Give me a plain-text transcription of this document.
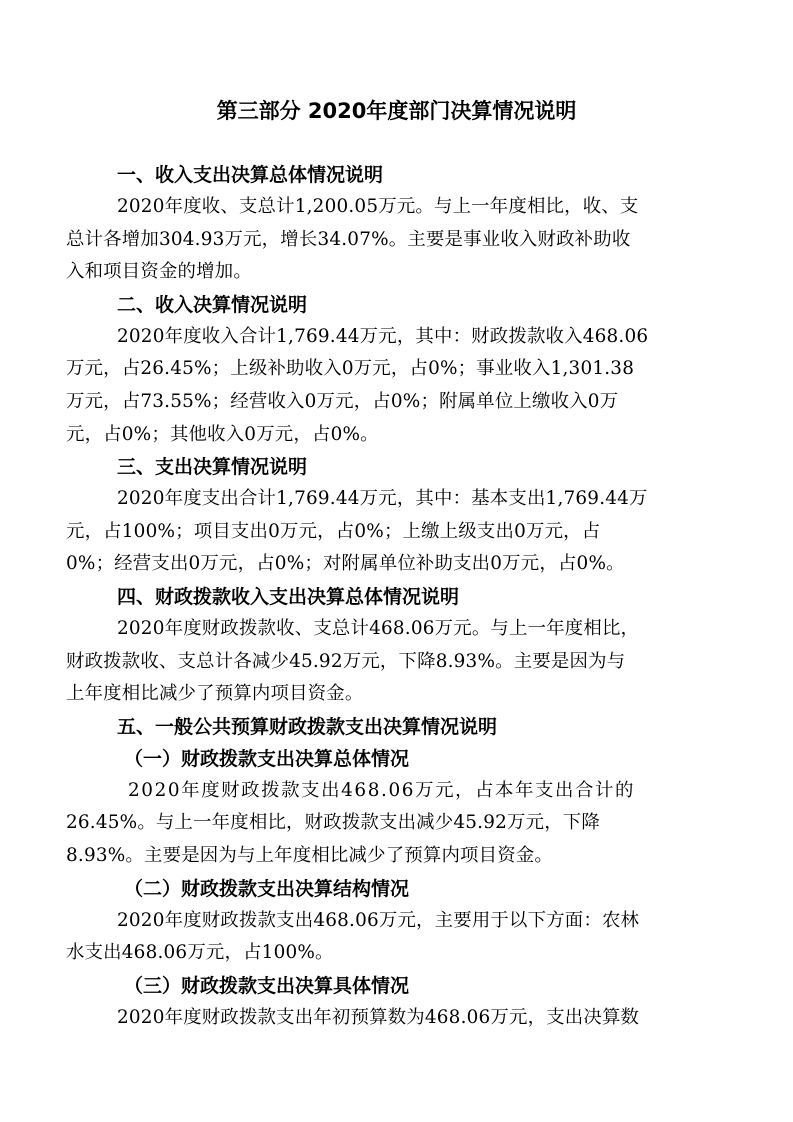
第三部分 2020年度部门决算情况说明
一、收入支出决算总体情况说明
2020年度收、支总计1,200.05万元。与上一年度相比，收、支
总计各增加304.93万元，增长34.07%。主要是事业收入财政补助收
入和项目资金的增加。
二、收入决算情况说明
2020年度收入合计1,769.44万元，其中：财政拨款收入468.06
万元，占26.45%；上级补助收入0万元，占0%；事业收入1,301.38
万元，占73.55%；经营收入0万元，占0%；附属单位上缴收入0万
元，占0%；其他收入0万元，占0%。
三、支出决算情况说明
2020年度支出合计1,769.44万元，其中：基本支出1,769.44万
元，占100%；项目支出0万元，占0%；上缴上级支出0万元，占
0%；经营支出0万元，占0%；对附属单位补助支出0万元，占0%。
四、财政拨款收入支出决算总体情况说明
2020年度财政拨款收、支总计468.06万元。与上一年度相比，
财政拨款收、支总计各减少45.92万元，下降8.93%。主要是因为与
上年度相比减少了预算内项目资金。
五、一般公共预算财政拨款支出决算情况说明
（一）财政拨款支出决算总体情况
2020年度财政拨款支出468.06万元，占本年支出合计的
26.45%。与上一年度相比，财政拨款支出减少45.92万元，下降
8.93%。主要是因为与上年度相比减少了预算内项目资金。
（二）财政拨款支出决算结构情况
2020年度财政拨款支出468.06万元，主要用于以下方面：农林
水支出468.06万元，占100%。
（三）财政拨款支出决算具体情况
2020年度财政拨款支出年初预算数为468.06万元，支出决算数
